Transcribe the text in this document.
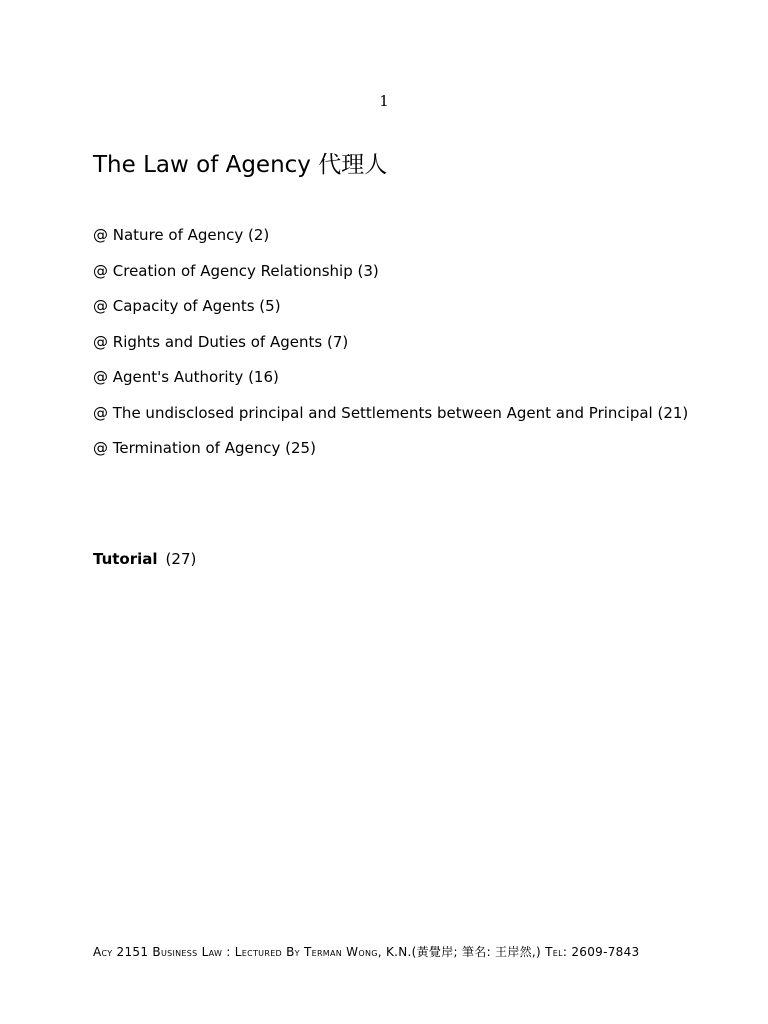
1
The Law of Agency 代理人
@ Nature of Agency (2)
@ Creation of Agency Relationship (3)
@ Capacity of Agents (5)
@ Rights and Duties of Agents (7)
@ Agent's Authority (16)
@ The undisclosed principal and Settlements between Agent and Principal (21)
@ Termination of Agency (25)
Tutorial (27)
Acy 2151 Business Law : Lectured By Terman Wong, K.N.(黃覺岸; 筆名: 王岸然,) Tel: 2609-7843
